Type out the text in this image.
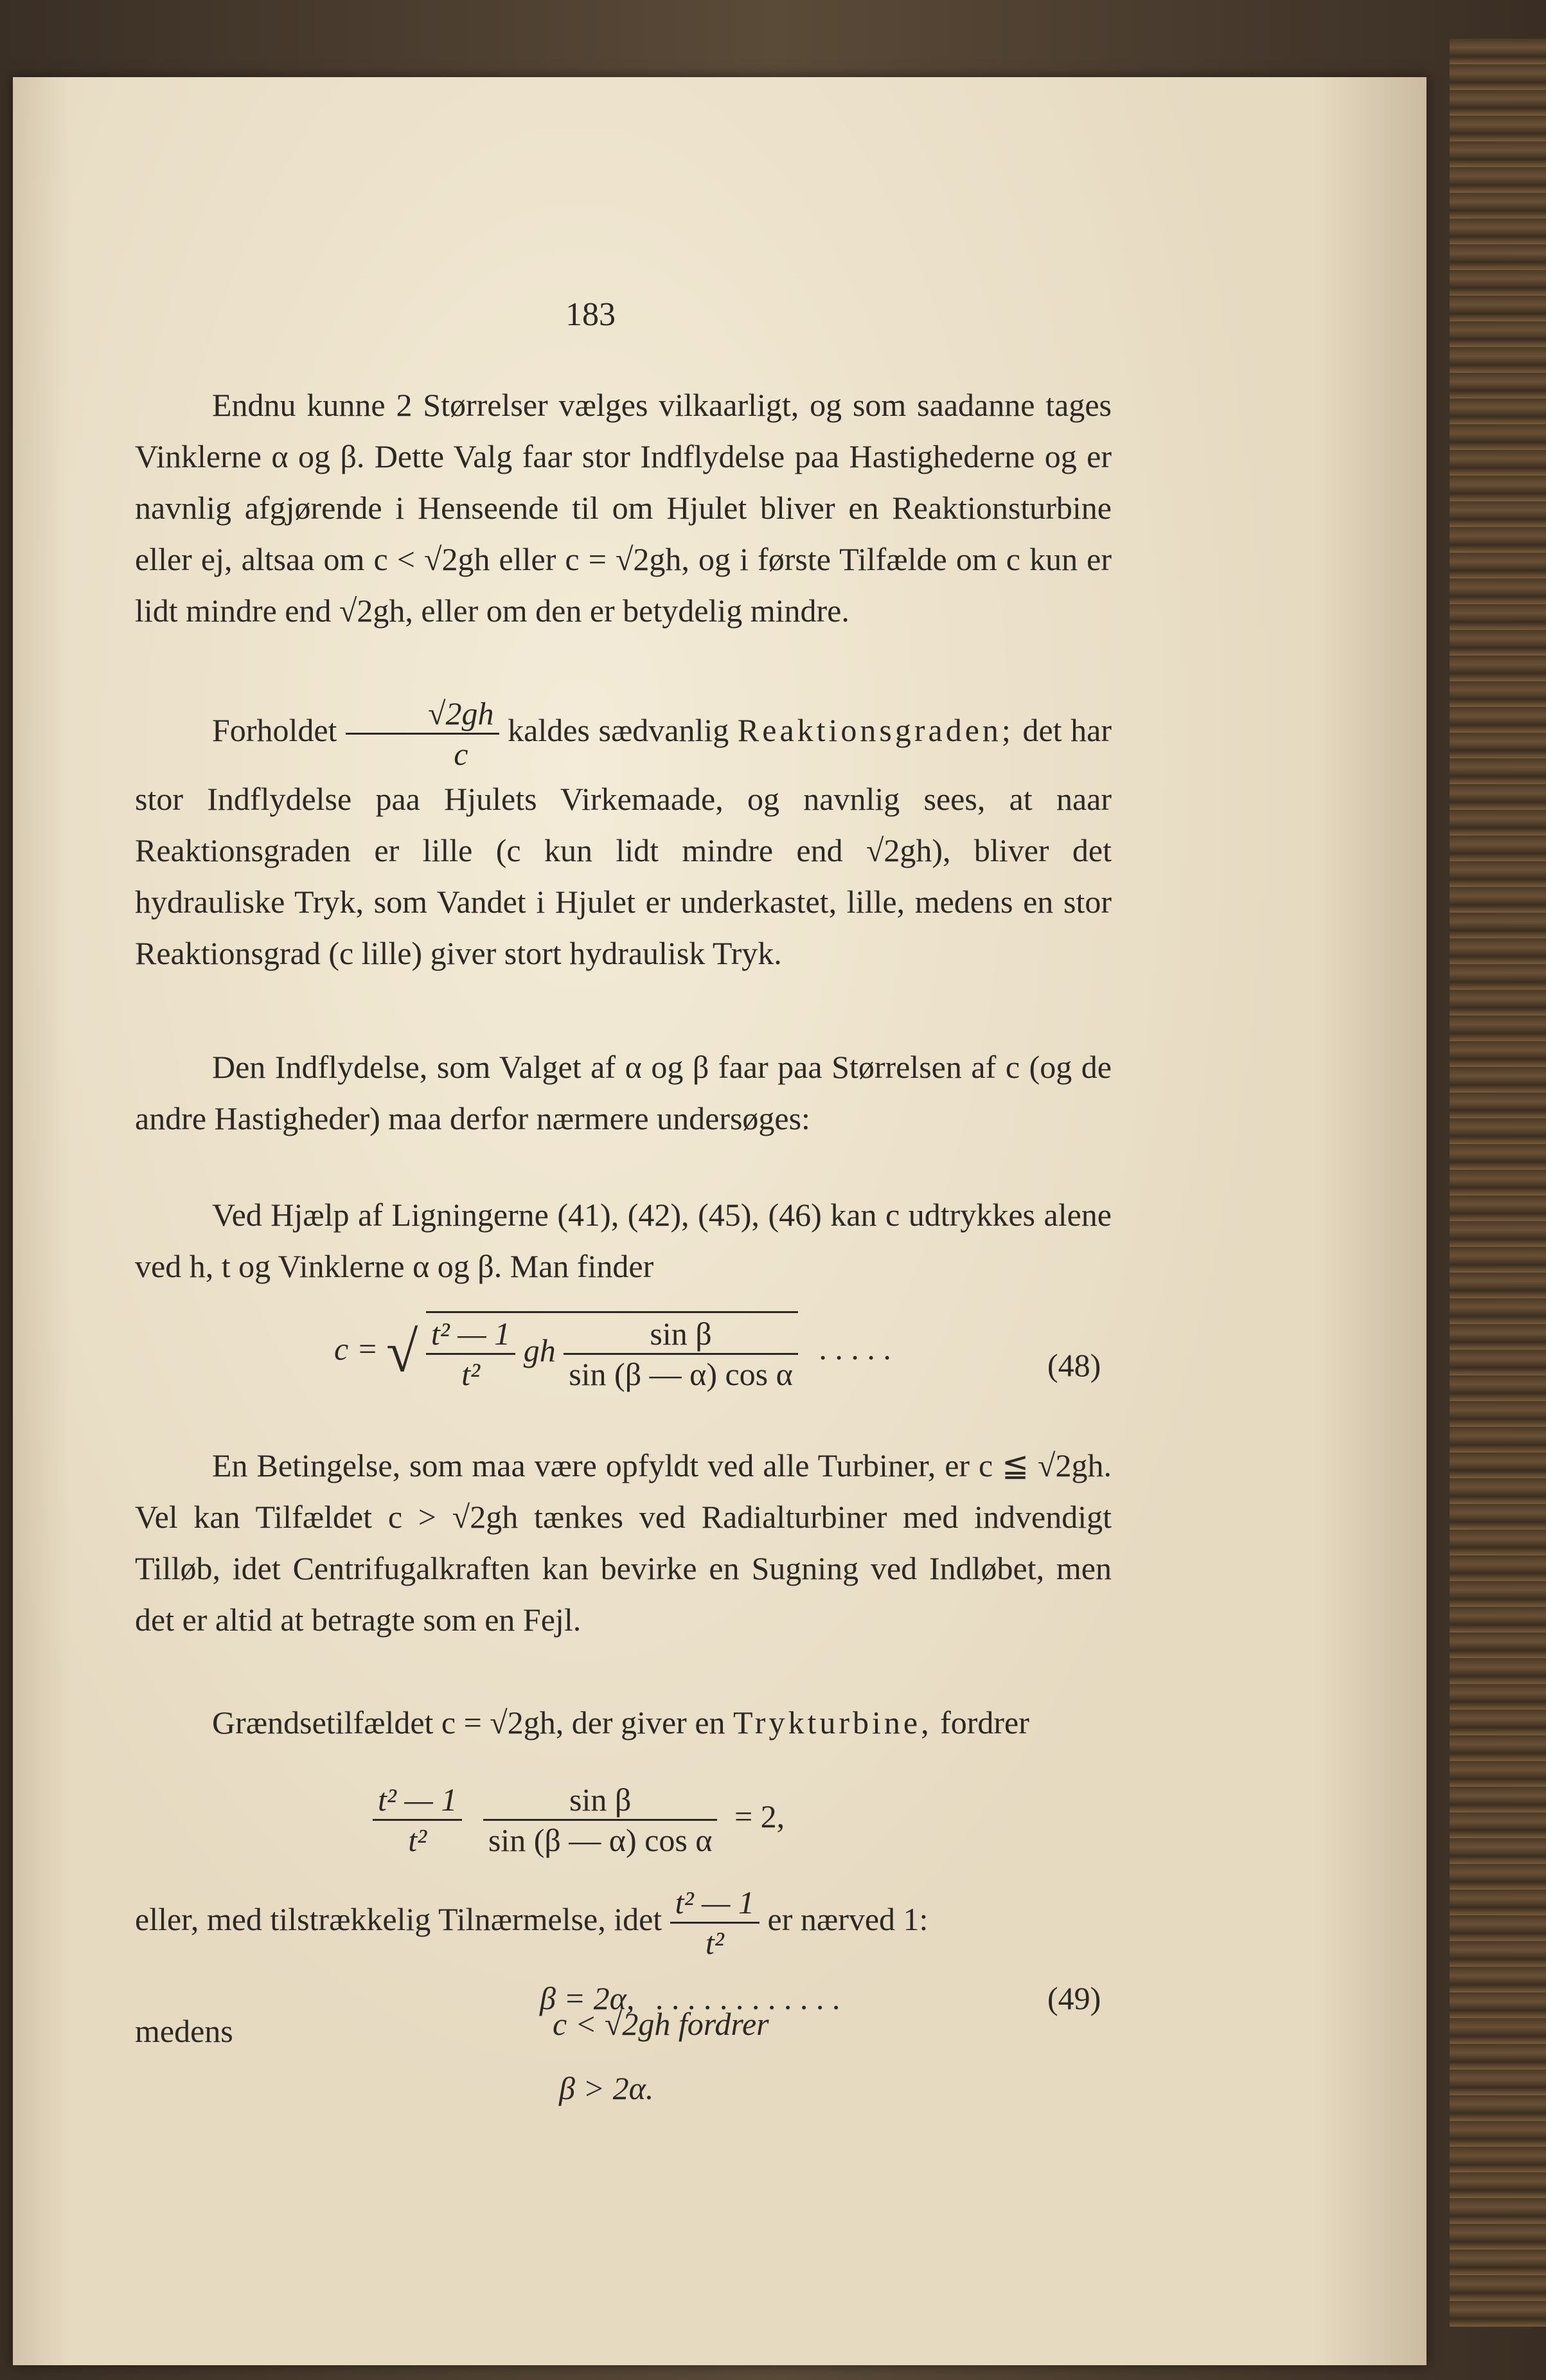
183

Endnu kunne 2 Størrelser vælges vilkaarligt, og som saadanne tages Vinklerne α og β. Dette Valg faar stor Indflydelse paa Hastighederne og er navnlig afgjørende i Henseende til om Hjulet bliver en Reaktionsturbine eller ej, altsaa om c < √2gh eller c = √2gh, og i første Tilfælde om c kun er lidt mindre end √2gh, eller om den er betydelig mindre.

Forholdet $\frac{√2gh}{c}$ kaldes sædvanlig Reaktionsgraden; det har stor Indflydelse paa Hjulets Virkemaade, og navnlig sees, at naar Reaktionsgraden er lille (c kun lidt mindre end √2gh), bliver det hydrauliske Tryk, som Vandet i Hjulet er underkastet, lille, medens en stor Reaktionsgrad (c lille) giver stort hydraulisk Tryk.

Den Indflydelse, som Valget af α og β faar paa Størrelsen af c (og de andre Hastigheder) maa derfor nærmere undersøges:

Ved Hjælp af Ligningerne (41), (42), (45), (46) kan c udtrykkes alene ved h, t og Vinklerne α og β. Man finder

c = √ $\frac{\text{t² — 1}}{\text{t²}}$ gh $\frac{\text{sin β}}{\text{sin (β — α) cos α}}$ . . . . .	(48)

En Betingelse, som maa være opfyldt ved alle Turbiner, er c ≦ √2gh. Vel kan Tilfældet c > √2gh tænkes ved Radialturbiner med indvendigt Tilløb, idet Centrifugalkraften kan bevirke en Sugning ved Indløbet, men det er altid at betragte som en Fejl.

Grændsetilfældet c = √2gh, der giver en Trykturbine, fordrer

$\frac{\text{t² — 1}}{\text{t²}}$
$\frac{\text{sin β}}{\text{sin (β — α) cos α}} = 2$,
eller, med tilstrækkelig Tilnærmelse, idet $\frac{\text{t² — 1}}{\text{t²}}$ er nærved 1:
β = 2α, . . . . . . . . . . . .	(49)
medens	c < √2gh fordrer
β > 2α.
